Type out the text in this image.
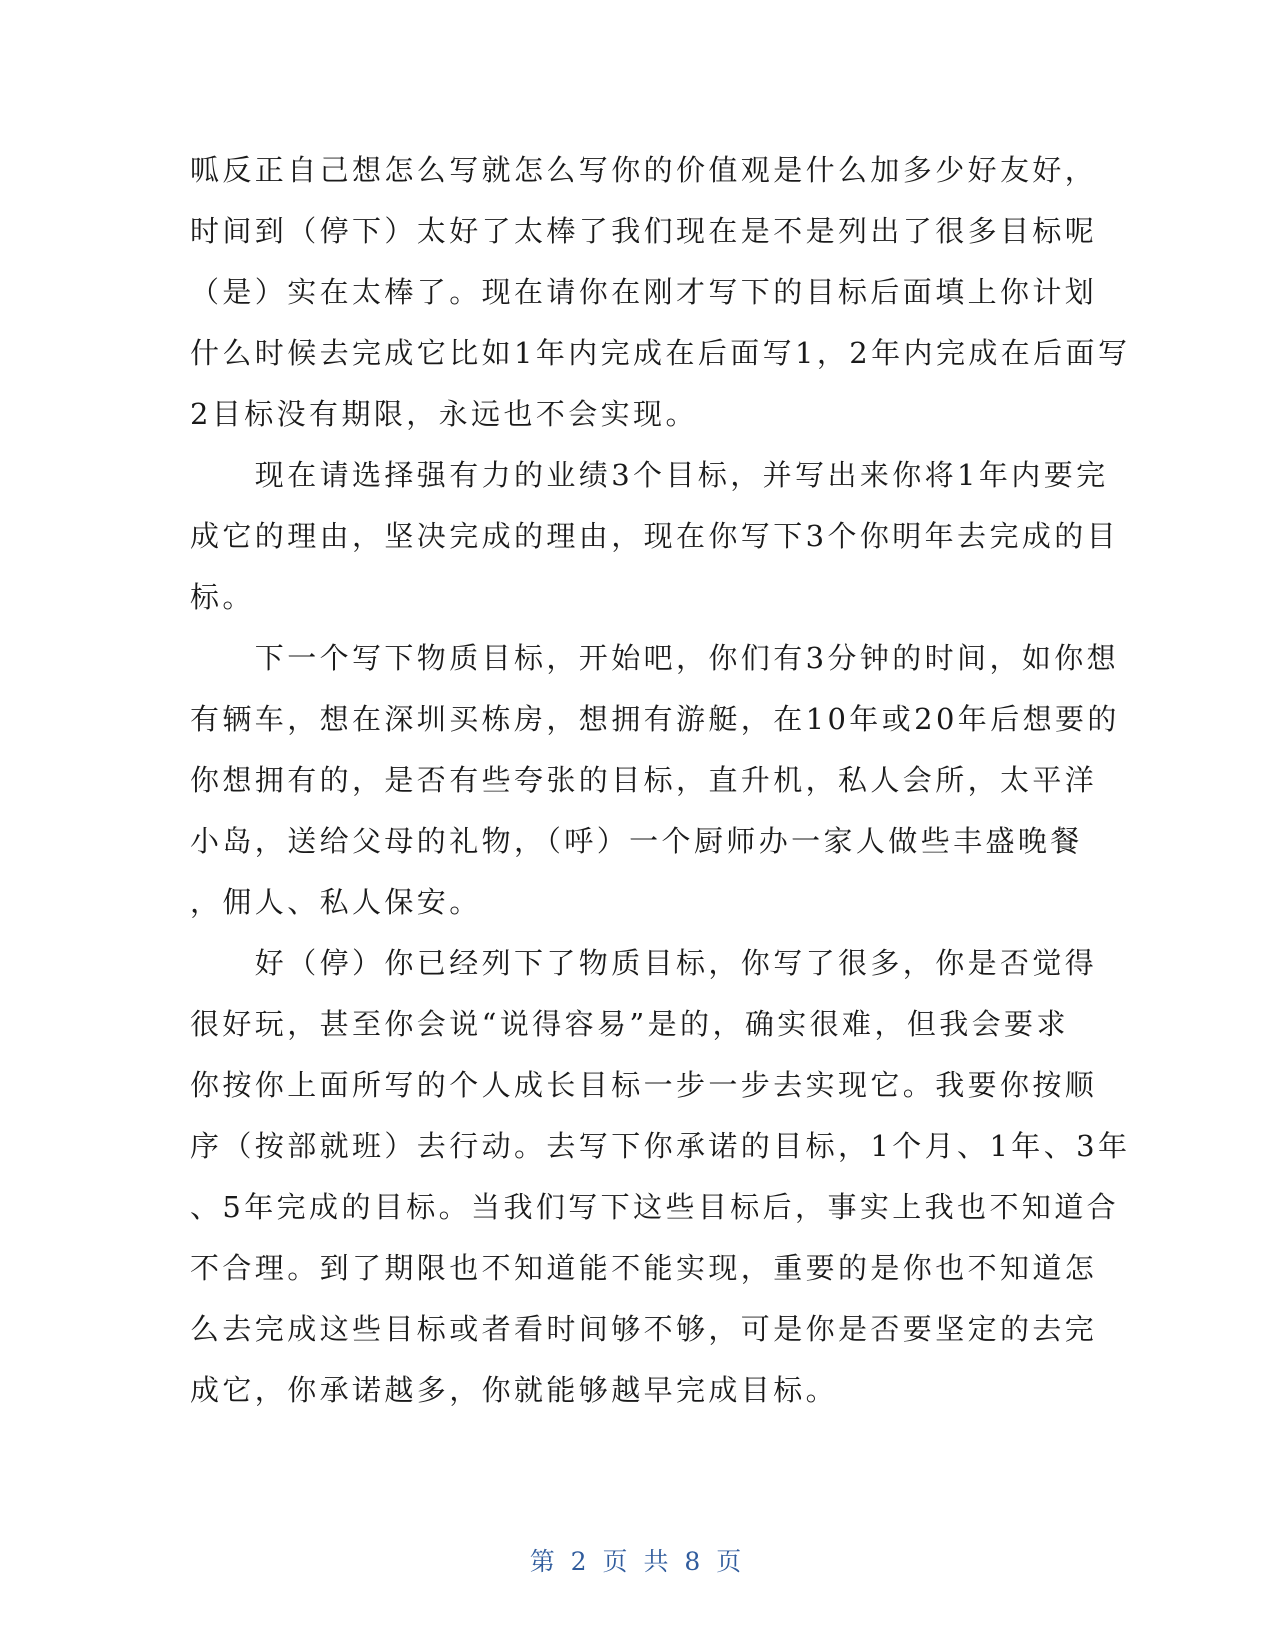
呱反正自己想怎么写就怎么写你的价值观是什么加多少好友好，
时间到（停下）太好了太棒了我们现在是不是列出了很多目标呢
（是）实在太棒了。现在请你在刚才写下的目标后面填上你计划
什么时候去完成它比如1年内完成在后面写1，2年内完成在后面写
2目标没有期限，永远也不会实现。
　　现在请选择强有力的业绩3个目标，并写出来你将1年内要完
成它的理由，坚决完成的理由，现在你写下3个你明年去完成的目
标。
　　下一个写下物质目标，开始吧，你们有3分钟的时间，如你想
有辆车，想在深圳买栋房，想拥有游艇，在10年或20年后想要的
你想拥有的，是否有些夸张的目标，直升机，私人会所，太平洋
小岛，送给父母的礼物，（呼）一个厨师办一家人做些丰盛晚餐
，佣人、私人保安。
　　好（停）你已经列下了物质目标，你写了很多，你是否觉得
很好玩，甚至你会说“说得容易”是的，确实很难，但我会要求
你按你上面所写的个人成长目标一步一步去实现它。我要你按顺
序（按部就班）去行动。去写下你承诺的目标，1个月、1年、3年
、5年完成的目标。当我们写下这些目标后，事实上我也不知道合
不合理。到了期限也不知道能不能实现，重要的是你也不知道怎
么去完成这些目标或者看时间够不够，可是你是否要坚定的去完
成它，你承诺越多，你就能够越早完成目标。
第 2 页 共 8 页
